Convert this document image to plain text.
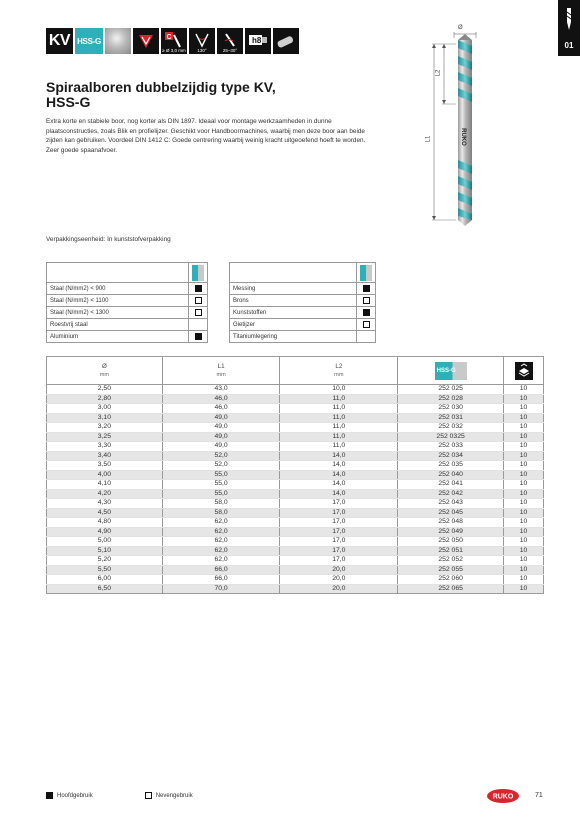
KV HSS-G	C
≥ Ø 3,0 mm	130°	25–30°
h8
01
Spiraalboren dubbelzijdig type KV,
HSS-G
Extra korte en stabiele boor, nog korter als DIN 1897. Ideaal voor montage werkzaamheden in dunne plaatsconstructies, zoals Blik en profielijzer. Geschikt voor Handboormachines, waarbij men deze boor aan beide zijden kan gebruiken. Voordeel DIN 1412 C: Goede centrering waarbij weinig kracht uitgeoefend hoeft te worden. Zeer goede spaanafvoer.
Ø
L2
L1	RUKO
Verpakkingseenheid: In kunststofverpakking

Staal (N/mm2) < 900	
Staal (N/mm2) < 1100	
Staal (N/mm2) < 1300	
Roestvrij staal	
Aluminium	

Messing	
Brons	
Kunststoffen	
Gietijzer	
Titaniumlegering	
Ø
mm	L1
mm	L2
mm	HSS-G	
2,50	43,0	10,0	252 025	10
2,80	46,0	11,0	252 028	10
3,00	46,0	11,0	252 030	10
3,10	49,0	11,0	252 031	10
3,20	49,0	11,0	252 032	10
3,25	49,0	11,0	252 0325	10
3,30	49,0	11,0	252 033	10
3,40	52,0	14,0	252 034	10
3,50	52,0	14,0	252 035	10
4,00	55,0	14,0	252 040	10
4,10	55,0	14,0	252 041	10
4,20	55,0	14,0	252 042	10
4,30	58,0	17,0	252 043	10
4,50	58,0	17,0	252 045	10
4,80	62,0	17,0	252 048	10
4,90	62,0	17,0	252 049	10
5,00	62,0	17,0	252 050	10
5,10	62,0	17,0	252 051	10
5,20	62,0	17,0	252 052	10
5,50	66,0	20,0	252 055	10
6,00	66,0	20,0	252 060	10
6,50	70,0	20,0	252 065	10
Hoofdgebruik	Nevengebruik	RUKO	71
